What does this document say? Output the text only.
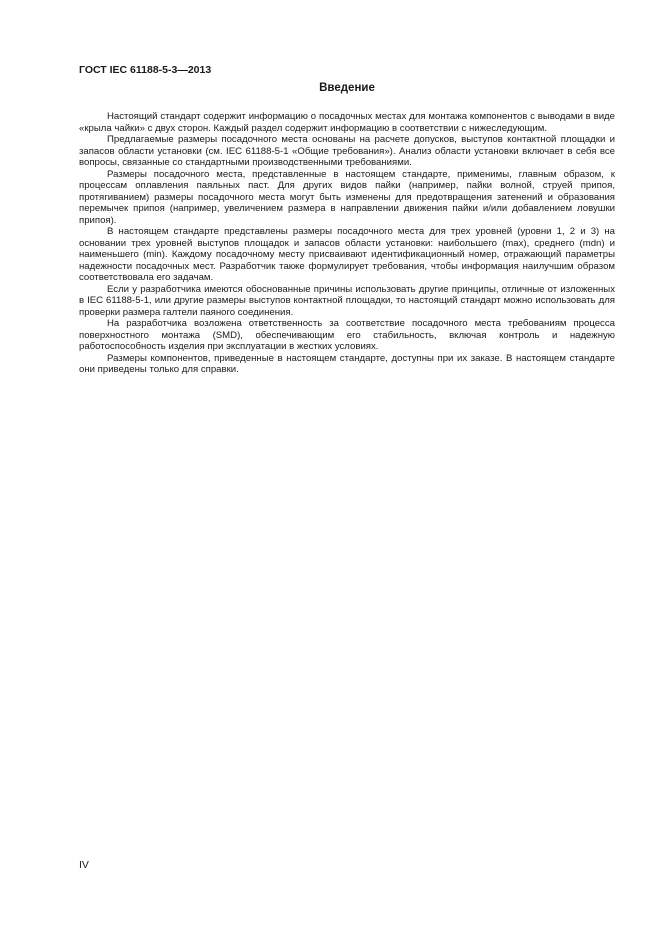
ГОСТ IEC 61188-5-3—2013
Введение

Настоящий стандарт содержит информацию о посадочных местах для монтажа компонентов с выводами в виде «крыла чайки» с двух сторон. Каждый раздел содержит информацию в соответствии с нижеследующим.

Предлагаемые размеры посадочного места основаны на расчете допусков, выступов контактной площадки и запасов области установки (см. IEC 61188-5-1 «Общие требования»). Анализ области установки включает в себя все вопросы, связанные со стандартными производственными требованиями.

Размеры посадочного места, представленные в настоящем стандарте, применимы, главным образом, к процессам оплавления паяльных паст. Для других видов пайки (например, пайки волной, струей припоя, протягиванием) размеры посадочного места могут быть изменены для предотвращения затенений и образования перемычек припоя (например, увеличением размера в направлении движения пайки и/или добавлением ловушки припоя).

В настоящем стандарте представлены размеры посадочного места для трех уровней (уровни 1, 2 и 3) на основании трех уровней выступов площадок и запасов области установки: наибольшего (max), среднего (mdn) и наименьшего (min). Каждому посадочному месту присваивают идентификационный номер, отражающий параметры надежности посадочных мест. Разработчик также формулирует требования, чтобы информация наилучшим образом соответствовала его задачам.

Если у разработчика имеются обоснованные причины использовать другие принципы, отличные от изложенных в IEC 61188-5-1, или другие размеры выступов контактной площадки, то настоящий стандарт можно использовать для проверки размера галтели паяного соединения.

На разработчика возложена ответственность за соответствие посадочного места требованиям процесса поверхностного монтажа (SMD), обеспечивающим его стабильность, включая контроль и надежную работоспособность изделия при эксплуатации в жестких условиях.

Размеры компонентов, приведенные в настоящем стандарте, доступны при их заказе. В настоящем стандарте они приведены только для справки.

IV
